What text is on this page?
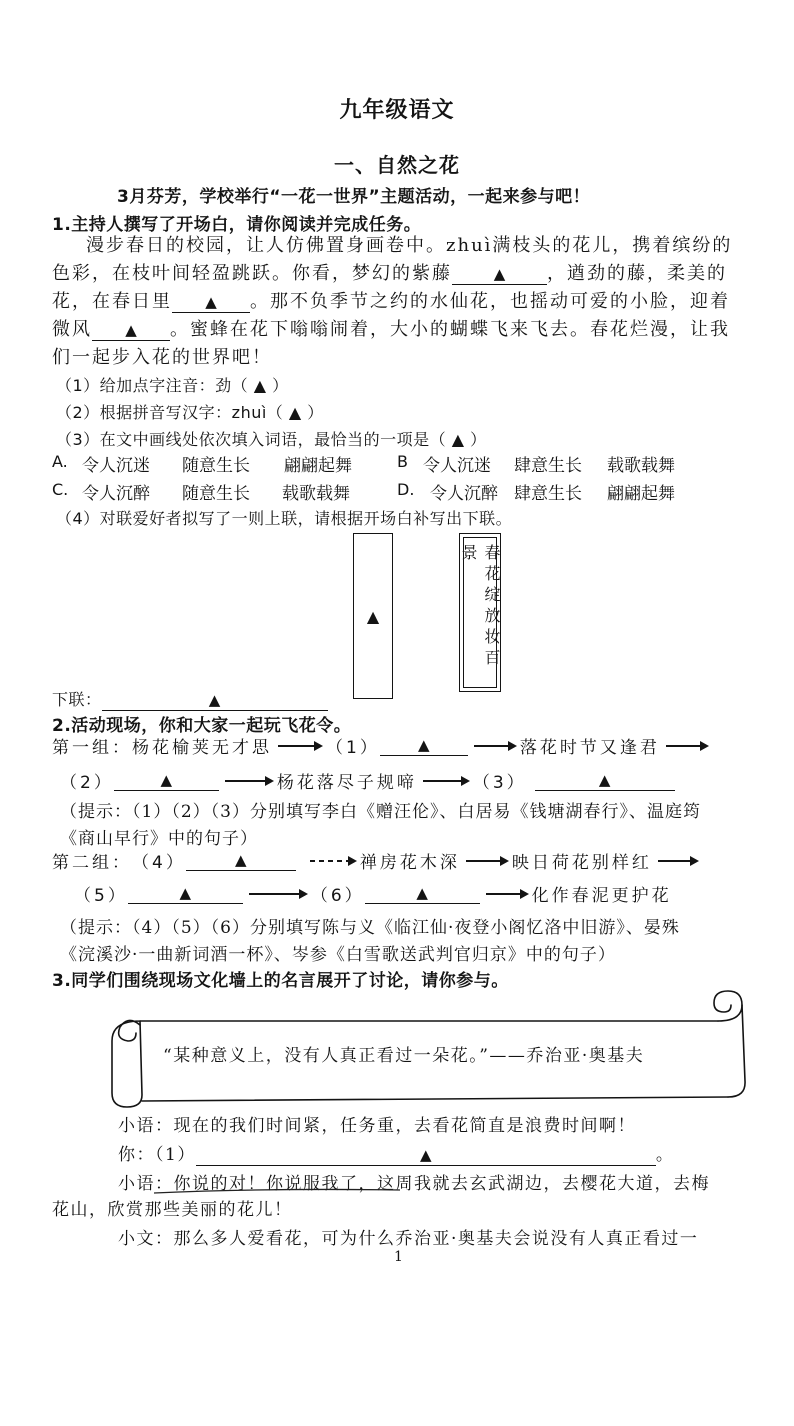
九年级语文
一、自然之花
3月芬芳，学校举行“一花一世界”主题活动，一起来参与吧！
1.主持人撰写了开场白，请你阅读并完成任务。
漫步春日的校园，让人仿佛置身画卷中。zhuì满枝头的花儿，携着缤纷的
色彩，在枝叶间轻盈跳跃。你看，梦幻的紫藤	▲ ，遒劲的藤，柔美的
花，在春日里 ▲ 。那不负季节之约的水仙花，也摇动可爱的小脸，迎着
微风 ▲ 。蜜蜂在花下嗡嗡闹着，大小的蝴蝶飞来飞去。春花烂漫，让我
们一起步入花的世界吧！
（1）给加点字注音：劲（ ▲ ）
（2）根据拼音写汉字：zhuì（ ▲ ）
（3）在文中画线处依次填入词语，最恰当的一项是（ ▲ ）
A. 令人沉迷 随意生长 翩翩起舞	B 令人沉迷 肆意生长 载歌载舞
C. 令人沉醉 随意生长 载歌载舞	D. 令人沉醉 肆意生长 翩翩起舞
（4）对联爱好者拟写了一则上联，请根据开场白补写出下联。
▲	春花绽放妆百景
下联：	▲
2.活动现场，你和大家一起玩飞花令。
第一组： 杨花榆荚无才思	（1）	▲	落花时节又逢君
（2）	▲	杨花落尽子规啼	（3）	▲
（提示：（1）（2）（3）分别填写李白《赠汪伦》、白居易《钱塘湖春行》、温庭筠
《商山早行》中的句子）
第二组： （4）	▲	禅房花木深	映日荷花别样红
（5）	▲	（6）	▲	化作春泥更护花
（提示：（4）（5）（6）分别填写陈与义《临江仙·夜登小阁忆洛中旧游》、晏殊
《浣溪沙·一曲新词酒一杯》、岑参《白雪歌送武判官归京》中的句子）
3.同学们围绕现场文化墙上的名言展开了讨论，请你参与。
“某种意义上，没有人真正看过一朵花。”——乔治亚·奥基夫
小语：现在的我们时间紧，任务重，去看花简直是浪费时间啊！
你：（1）	▲	。
小语：你说的对！你说服我了，这周我就去玄武湖边，去樱花大道，去梅
花山，欣赏那些美丽的花儿！
小文：那么多人爱看花，可为什么乔治亚·奥基夫会说没有人真正看过一
1
